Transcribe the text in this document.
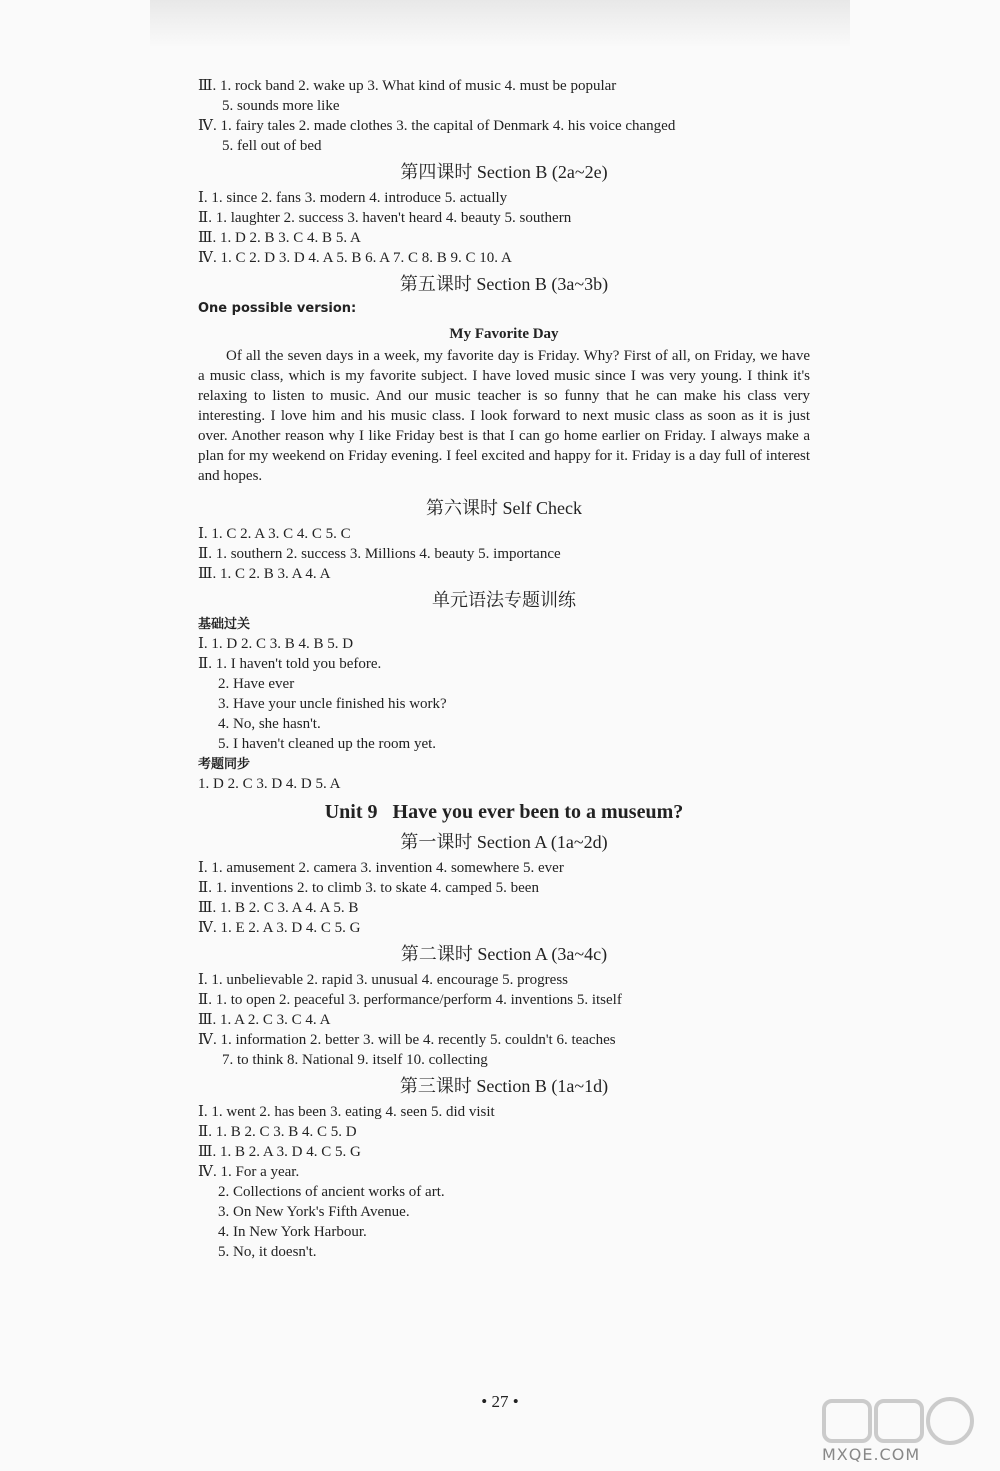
Ⅲ. 1. rock band 2. wake up 3. What kind of music 4. must be popular
5. sounds more like
Ⅳ. 1. fairy tales 2. made clothes 3. the capital of Denmark 4. his voice changed
5. fell out of bed
第四课时 Section B (2a~2e)
Ⅰ. 1. since 2. fans 3. modern 4. introduce 5. actually
Ⅱ. 1. laughter 2. success 3. haven't heard 4. beauty 5. southern
Ⅲ. 1. D 2. B 3. C 4. B 5. A
Ⅳ. 1. C 2. D 3. D 4. A 5. B 6. A 7. C 8. B 9. C 10. A
第五课时 Section B (3a~3b)
One possible version:
My Favorite Day
Of all the seven days in a week, my favorite day is Friday. Why? First of all, on Friday, we have a music class, which is my favorite subject. I have loved music since I was very young. I think it's relaxing to listen to music. And our music teacher is so funny that he can make his class very interesting. I love him and his music class. I look forward to next music class as soon as it is just over. Another reason why I like Friday best is that I can go home earlier on Friday. I always make a plan for my weekend on Friday evening. I feel excited and happy for it. Friday is a day full of interest and hopes.
第六课时 Self Check
Ⅰ. 1. C 2. A 3. C 4. C 5. C
Ⅱ. 1. southern 2. success 3. Millions 4. beauty 5. importance
Ⅲ. 1. C 2. B 3. A 4. A
单元语法专题训练
基础过关
Ⅰ. 1. D 2. C 3. B 4. B 5. D
Ⅱ. 1. I haven't told you before.
2. Have ever
3. Have your uncle finished his work?
4. No, she hasn't.
5. I haven't cleaned up the room yet.
考题同步
1. D 2. C 3. D 4. D 5. A
Unit 9 Have you ever been to a museum?
第一课时 Section A (1a~2d)
Ⅰ. 1. amusement 2. camera 3. invention 4. somewhere 5. ever
Ⅱ. 1. inventions 2. to climb 3. to skate 4. camped 5. been
Ⅲ. 1. B 2. C 3. A 4. A 5. B
Ⅳ. 1. E 2. A 3. D 4. C 5. G
第二课时 Section A (3a~4c)
Ⅰ. 1. unbelievable 2. rapid 3. unusual 4. encourage 5. progress
Ⅱ. 1. to open 2. peaceful 3. performance/perform 4. inventions 5. itself
Ⅲ. 1. A 2. C 3. C 4. A
Ⅳ. 1. information 2. better 3. will be 4. recently 5. couldn't 6. teaches
7. to think 8. National 9. itself 10. collecting
第三课时 Section B (1a~1d)
Ⅰ. 1. went 2. has been 3. eating 4. seen 5. did visit
Ⅱ. 1. B 2. C 3. B 4. C 5. D
Ⅲ. 1. B 2. A 3. D 4. C 5. G
Ⅳ. 1. For a year.
2. Collections of ancient works of art.
3. On New York's Fifth Avenue.
4. In New York Harbour.
5. No, it doesn't.
• 27 •
MXQE.COM
